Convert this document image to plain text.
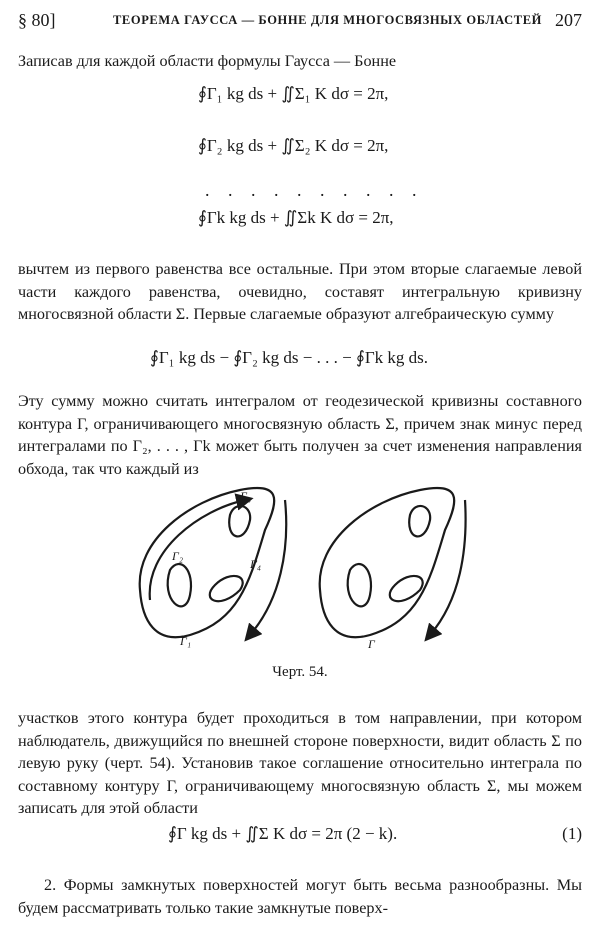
§ 80]	ТЕОРЕМА ГАУССА — БОННЕ ДЛЯ МНОГОСВЯЗНЫХ ОБЛАСТЕЙ 207
Записав для каждой области формулы Гаусса — Бонне
∮Γ₁ kg ds + ∬Σ₁ K dσ = 2π,
∮Γ₂ kg ds + ∬Σ₂ K dσ = 2π,
. . . . . . . . . .
∮Γk kg ds + ∬Σk K dσ = 2π,
вычтем из первого равенства все остальные. При этом вторые слагаемые левой части каждого равенства, очевидно, составят интегральную кривизну многосвязной области Σ. Первые слагаемые образуют алгебраическую сумму
∮Γ₁ kg ds − ∮Γ₂ kg ds − . . . − ∮Γk kg ds.
Эту сумму можно считать интегралом от геодезической кривизны составного контура Γ, ограничивающего многосвязную область Σ, причем знак минус перед интегралами по Γ₂, . . . , Γk может быть получен за счет изменения направления обхода, так что каждый из
Γ₂
Γ₃
Γ₄
Γ₁	Γ
Черт. 54.
участков этого контура будет проходиться в том направлении, при котором наблюдатель, движущийся по внешней стороне поверхности, видит область Σ по левую руку (черт. 54). Установив такое соглашение относительно интеграла по составному контуру Γ, ограничивающему многосвязную область Σ, мы можем записать для этой области
∮Γ kg ds + ∬Σ K dσ = 2π (2 − k).	(1)
2. Формы замкнутых поверхностей могут быть весьма разнообразны. Мы будем рассматривать только такие замкнутые поверх-
